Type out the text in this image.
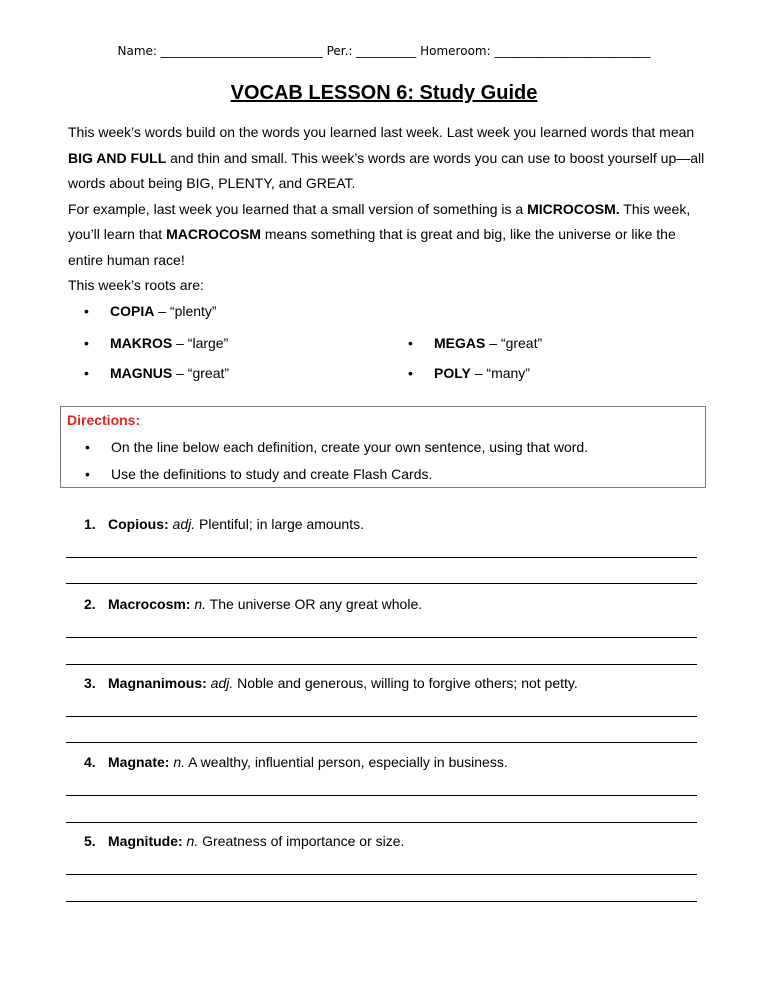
Name: ___________________________ Per.: __________ Homeroom: __________________________
VOCAB LESSON 6: Study Guide

This week’s words build on the words you learned last week. Last week you learned words that mean BIG AND FULL and thin and small. This week’s words are words you can use to boost yourself up—all words about being BIG, PLENTY, and GREAT.

For example, last week you learned that a small version of something is a MICROCOSM. This week, you’ll learn that MACROCOSM means something that is great and big, like the universe or like the entire human race!

This week’s roots are:

• COPIA – “plenty”
• MAKROS – “large”	• MEGAS – “great”
• MAGNUS – “great”	• POLY – “many”
Directions:
• On the line below each definition, create your own sentence, using that word.
• Use the definitions to study and create Flash Cards.
1. Copious: adj. Plentiful; in large amounts.
2. Macrocosm: n. The universe OR any great whole.
3. Magnanimous: adj. Noble and generous, willing to forgive others; not petty.
4. Magnate: n. A wealthy, influential person, especially in business.
5. Magnitude: n. Greatness of importance or size.
